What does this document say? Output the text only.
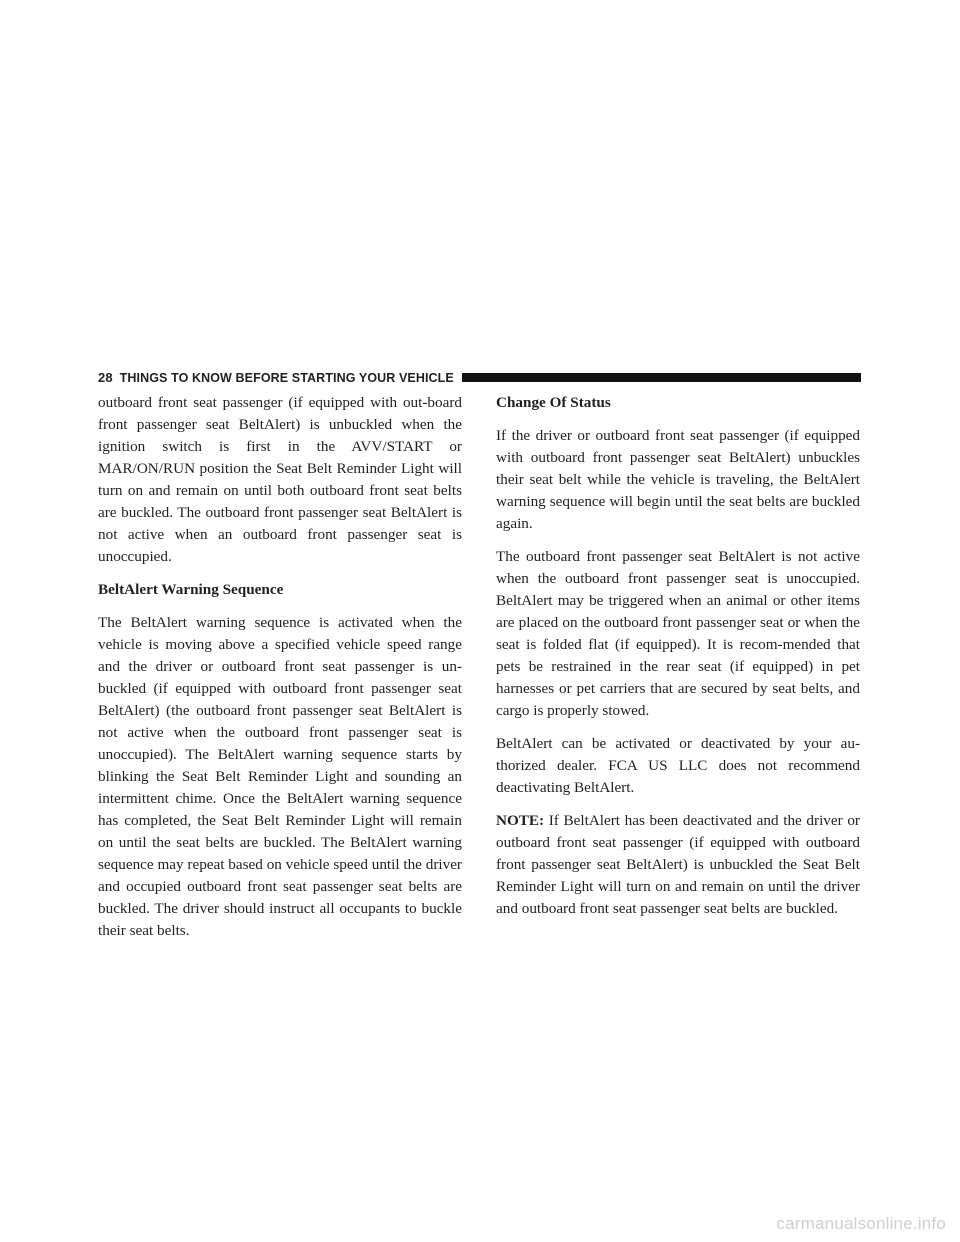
28 THINGS TO KNOW BEFORE STARTING YOUR VEHICLE

outboard front seat passenger (if equipped with out-board front passenger seat BeltAlert) is unbuckled when the ignition switch is first in the AVV/START or MAR/ON/RUN position the Seat Belt Reminder Light will turn on and remain on until both outboard front seat belts are buckled. The outboard front passenger seat BeltAlert is not active when an outboard front passenger seat is unoccupied.

BeltAlert Warning Sequence

The BeltAlert warning sequence is activated when the vehicle is moving above a specified vehicle speed range and the driver or outboard front seat passenger is un-buckled (if equipped with outboard front passenger seat BeltAlert) (the outboard front passenger seat BeltAlert is not active when the outboard front passenger seat is unoccupied). The BeltAlert warning sequence starts by blinking the Seat Belt Reminder Light and sounding an intermittent chime. Once the BeltAlert warning sequence has completed, the Seat Belt Reminder Light will remain on until the seat belts are buckled. The BeltAlert warning sequence may repeat based on vehicle speed until the driver and occupied outboard front seat passenger seat belts are buckled. The driver should instruct all occupants to buckle their seat belts.

Change Of Status

If the driver or outboard front seat passenger (if equipped with outboard front passenger seat BeltAlert) unbuckles their seat belt while the vehicle is traveling, the BeltAlert warning sequence will begin until the seat belts are buckled again.

The outboard front passenger seat BeltAlert is not active when the outboard front passenger seat is unoccupied. BeltAlert may be triggered when an animal or other items are placed on the outboard front passenger seat or when the seat is folded flat (if equipped). It is recom-mended that pets be restrained in the rear seat (if equipped) in pet harnesses or pet carriers that are secured by seat belts, and cargo is properly stowed.

BeltAlert can be activated or deactivated by your au-thorized dealer. FCA US LLC does not recommend deactivating BeltAlert.

NOTE: If BeltAlert has been deactivated and the driver or outboard front seat passenger (if equipped with outboard front passenger seat BeltAlert) is unbuckled the Seat Belt Reminder Light will turn on and remain on until the driver and outboard front seat passenger seat belts are buckled.

carmanualsonline.info
